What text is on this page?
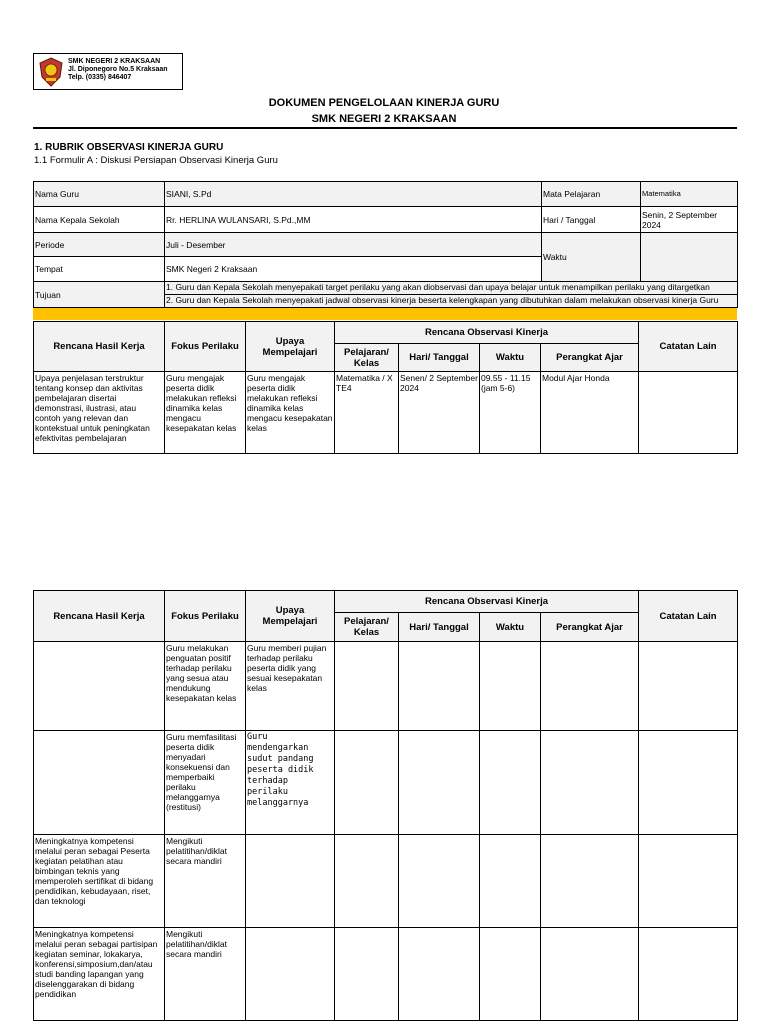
SMK NEGERI 2 KRAKSAAN
Jl. Diponegoro No.5 Kraksaan
Telp. (0335) 846407
DOKUMEN PENGELOLAAN KINERJA GURU
SMK NEGERI 2 KRAKSAAN
1. RUBRIK OBSERVASI KINERJA GURU
1.1 Formulir A : Diskusi Persiapan Observasi Kinerja Guru
Nama Guru	SIANI, S.Pd	Mata Pelajaran	Matematika
Nama Kepala Sekolah	Rr. HERLINA WULANSARI, S.Pd.,MM	Hari / Tanggal	Senin, 2 September 2024
Periode	Juli - Desember	Waktu	
Tempat	SMK Negeri 2 Kraksaan		
Tujuan	1. Guru dan Kepala Sekolah menyepakati target perilaku yang akan diobservasi dan upaya belajar untuk menampilkan perilaku yang ditargetkan
2. Guru dan Kepala Sekolah menyepakati jadwal observasi kinerja beserta kelengkapan yang dibutuhkan dalam melakukan observasi kinerja Guru		
Rencana Hasil Kerja	Fokus Perilaku	Upaya Mempelajari	Rencana Observasi Kinerja				Catatan Lain
			Pelajaran/ Kelas	Hari/ Tanggal	Waktu	Perangkat Ajar	
Upaya penjelasan terstruktur tentang konsep dan aktivitas pembelajaran disertai demonstrasi, ilustrasi, atau contoh yang relevan dan kontekstual untuk peningkatan efektivitas pembelajaran	Guru mengajak peserta didik melakukan refleksi dinamika kelas mengacu kesepakatan kelas	Guru mengajak peserta didik melakukan refleksi dinamika kelas mengacu kesepakatan kelas	Matematika / X TE4	Senen/ 2 September 2024	09.55 - 11.15 (jam 5-6)	Modul Ajar Honda	
Rencana Hasil Kerja	Fokus Perilaku	Upaya Mempelajari	Rencana Observasi Kinerja				Catatan Lain
			Pelajaran/ Kelas	Hari/ Tanggal	Waktu	Perangkat Ajar	
	Guru melakukan penguatan positif terhadap perilaku yang sesua atau mendukung kesepakatan kelas	Guru memberi pujian terhadap perilaku peserta didik yang sesuai kesepakatan kelas					
	Guru memfasilitasi peserta didik menyadari konsekuensi dan memperbaiki perilaku melanggarnya (restitusi)	Guru mendengarkan sudut pandang peserta didik terhadap perilaku melanggarnya					
Meningkatnya kompetensi melalui peran sebagai Peserta kegiatan pelatihan atau bimbingan teknis yang memperoleh sertifikat di bidang pendidikan, kebudayaan, riset, dan teknologi	Mengikuti pelatitihan/diklat secara mandiri						
Meningkatnya kompetensi melalui peran sebagai partisipan kegiatan seminar, lokakarya, konferensi,simposium,dan/atau studi banding lapangan yang diselenggarakan di bidang pendidikan	Mengikuti pelatitihan/diklat secara mandiri						
